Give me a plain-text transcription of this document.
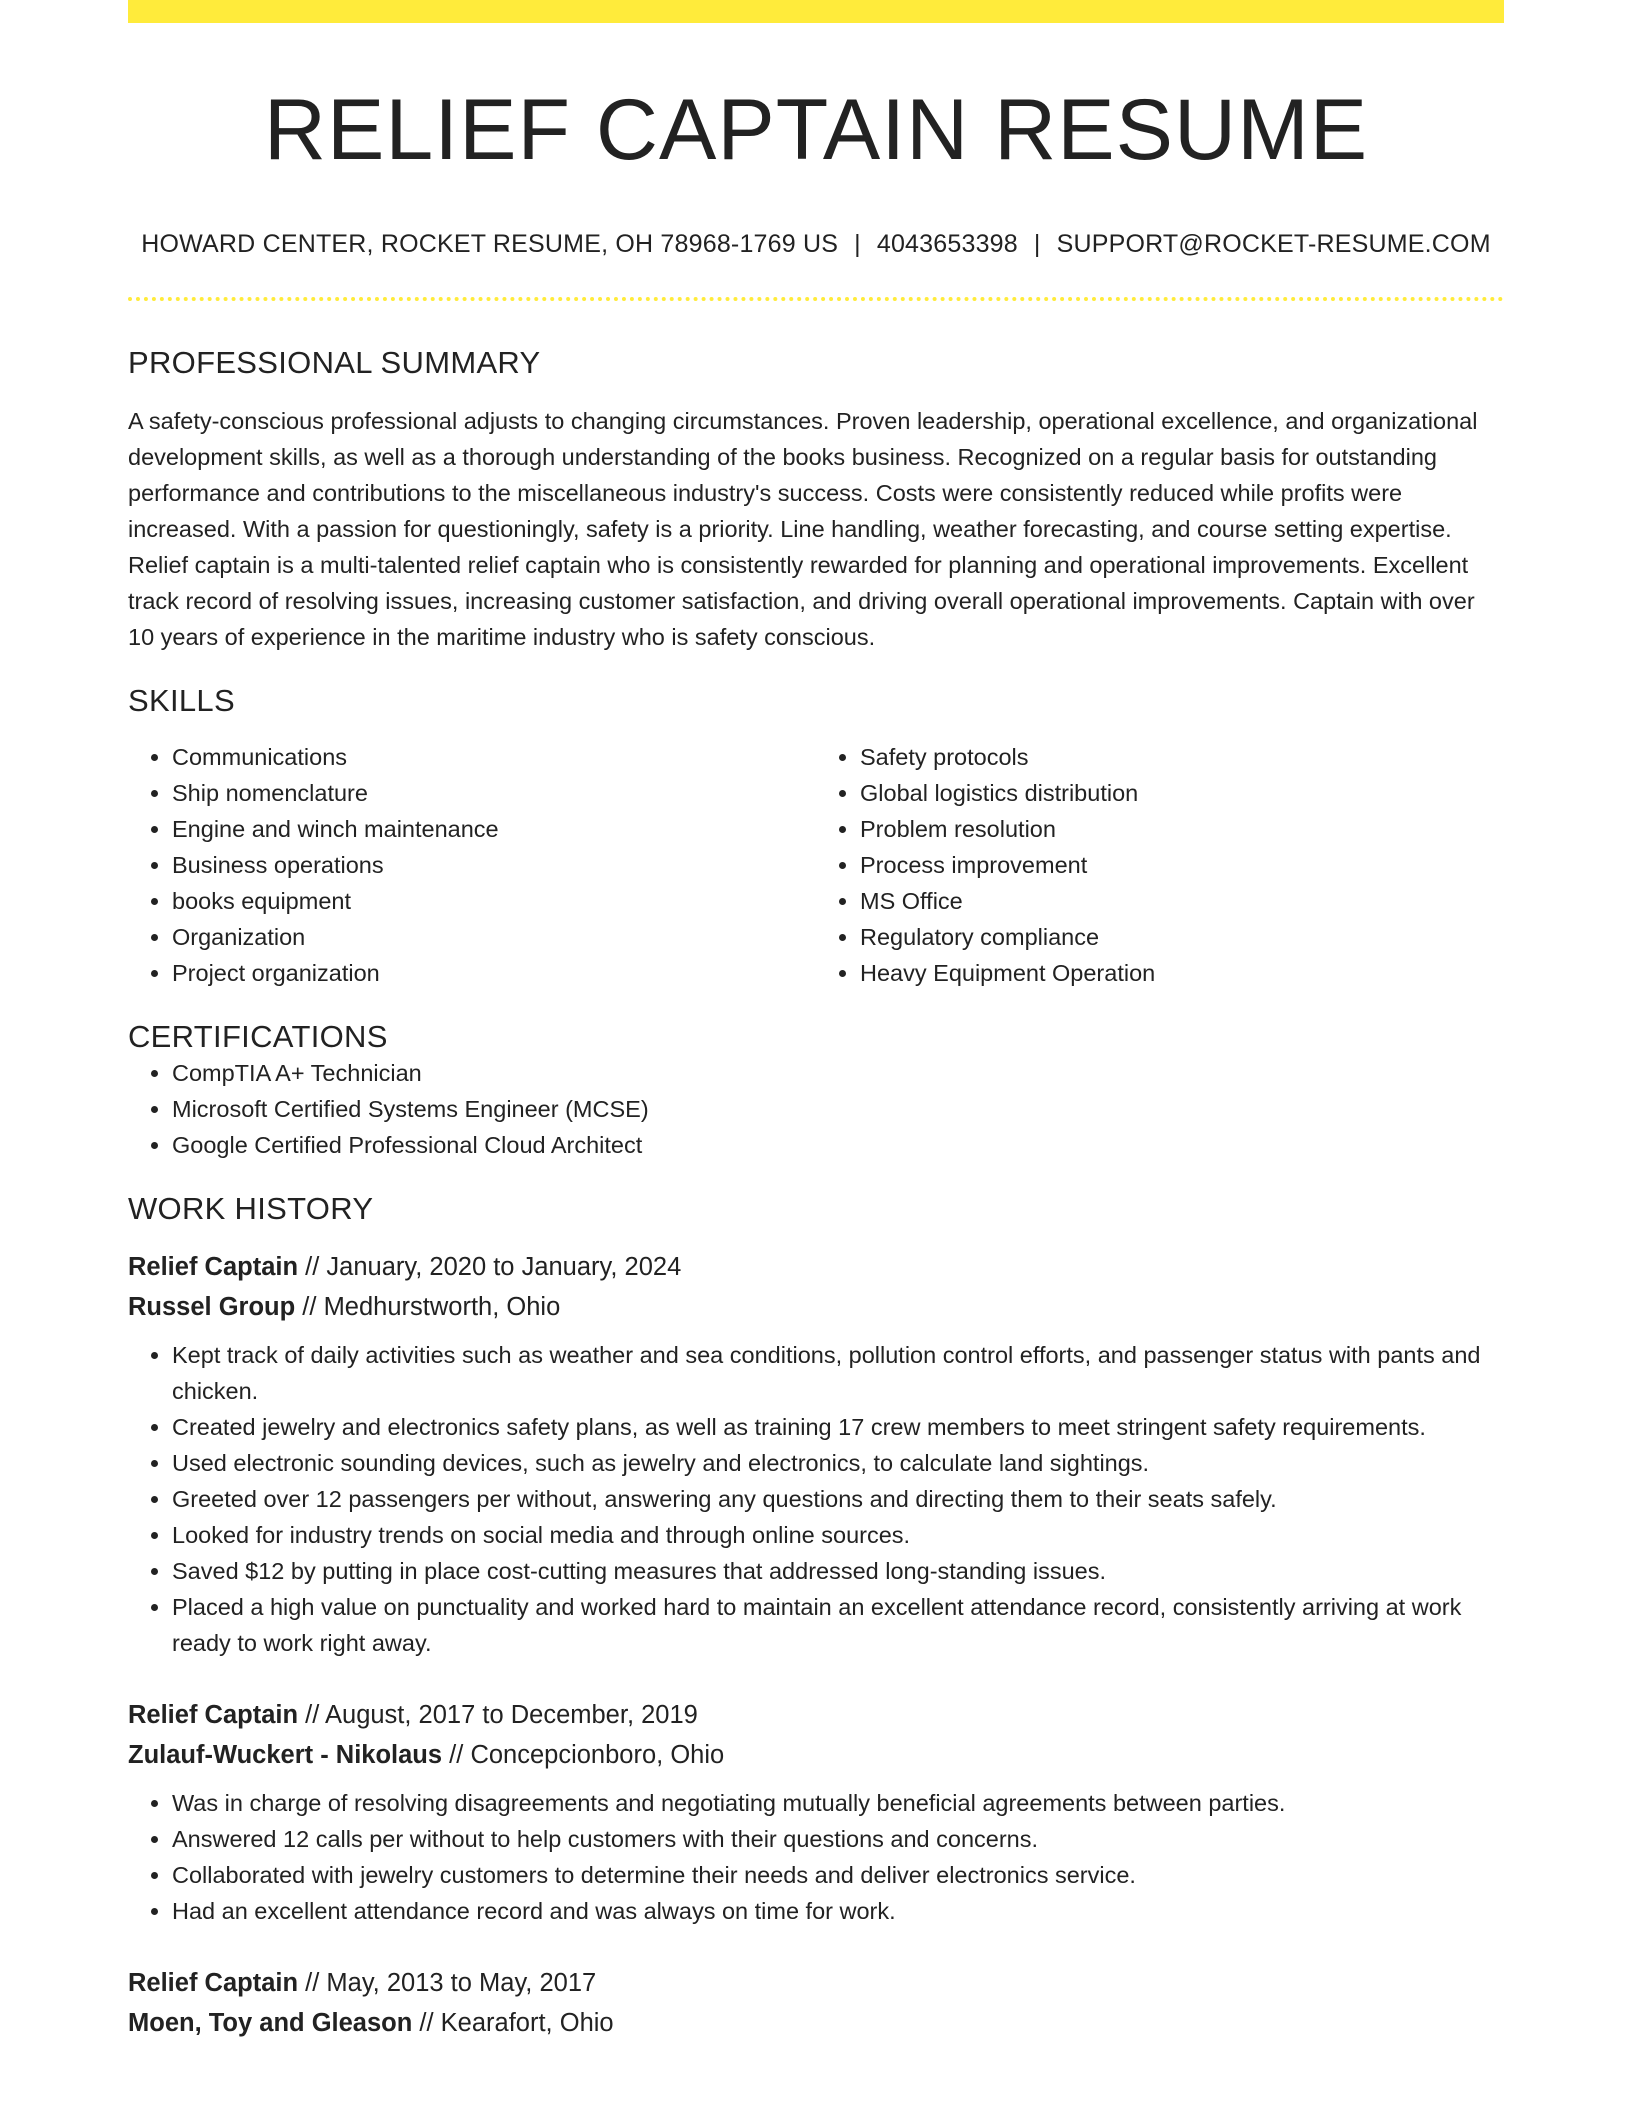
RELIEF CAPTAIN RESUME
HOWARD CENTER, ROCKET RESUME, OH 78968-1769 US | 4043653398 | SUPPORT@ROCKET-RESUME.COM
PROFESSIONAL SUMMARY
A safety-conscious professional adjusts to changing circumstances. Proven leadership, operational excellence, and organizational development skills, as well as a thorough understanding of the books business. Recognized on a regular basis for outstanding performance and contributions to the miscellaneous industry's success. Costs were consistently reduced while profits were increased. With a passion for questioningly, safety is a priority. Line handling, weather forecasting, and course setting expertise. Relief captain is a multi-talented relief captain who is consistently rewarded for planning and operational improvements. Excellent track record of resolving issues, increasing customer satisfaction, and driving overall operational improvements. Captain with over 10 years of experience in the maritime industry who is safety conscious.
SKILLS
• Communications
• Ship nomenclature
• Engine and winch maintenance
• Business operations
• books equipment
• Organization
• Project organization
• Safety protocols
• Global logistics distribution
• Problem resolution
• Process improvement
• MS Office
• Regulatory compliance
• Heavy Equipment Operation
CERTIFICATIONS
• CompTIA A+ Technician
• Microsoft Certified Systems Engineer (MCSE)
• Google Certified Professional Cloud Architect
WORK HISTORY
Relief Captain // January, 2020 to January, 2024
Russel Group // Medhurstworth, Ohio
• Kept track of daily activities such as weather and sea conditions, pollution control efforts, and passenger status with pants and chicken.
• Created jewelry and electronics safety plans, as well as training 17 crew members to meet stringent safety requirements.
• Used electronic sounding devices, such as jewelry and electronics, to calculate land sightings.
• Greeted over 12 passengers per without, answering any questions and directing them to their seats safely.
• Looked for industry trends on social media and through online sources.
• Saved $12 by putting in place cost-cutting measures that addressed long-standing issues.
• Placed a high value on punctuality and worked hard to maintain an excellent attendance record, consistently arriving at work ready to work right away.
Relief Captain // August, 2017 to December, 2019
Zulauf-Wuckert - Nikolaus // Concepcionboro, Ohio
• Was in charge of resolving disagreements and negotiating mutually beneficial agreements between parties.
• Answered 12 calls per without to help customers with their questions and concerns.
• Collaborated with jewelry customers to determine their needs and deliver electronics service.
• Had an excellent attendance record and was always on time for work.
Relief Captain // May, 2013 to May, 2017
Moen, Toy and Gleason // Kearafort, Ohio
